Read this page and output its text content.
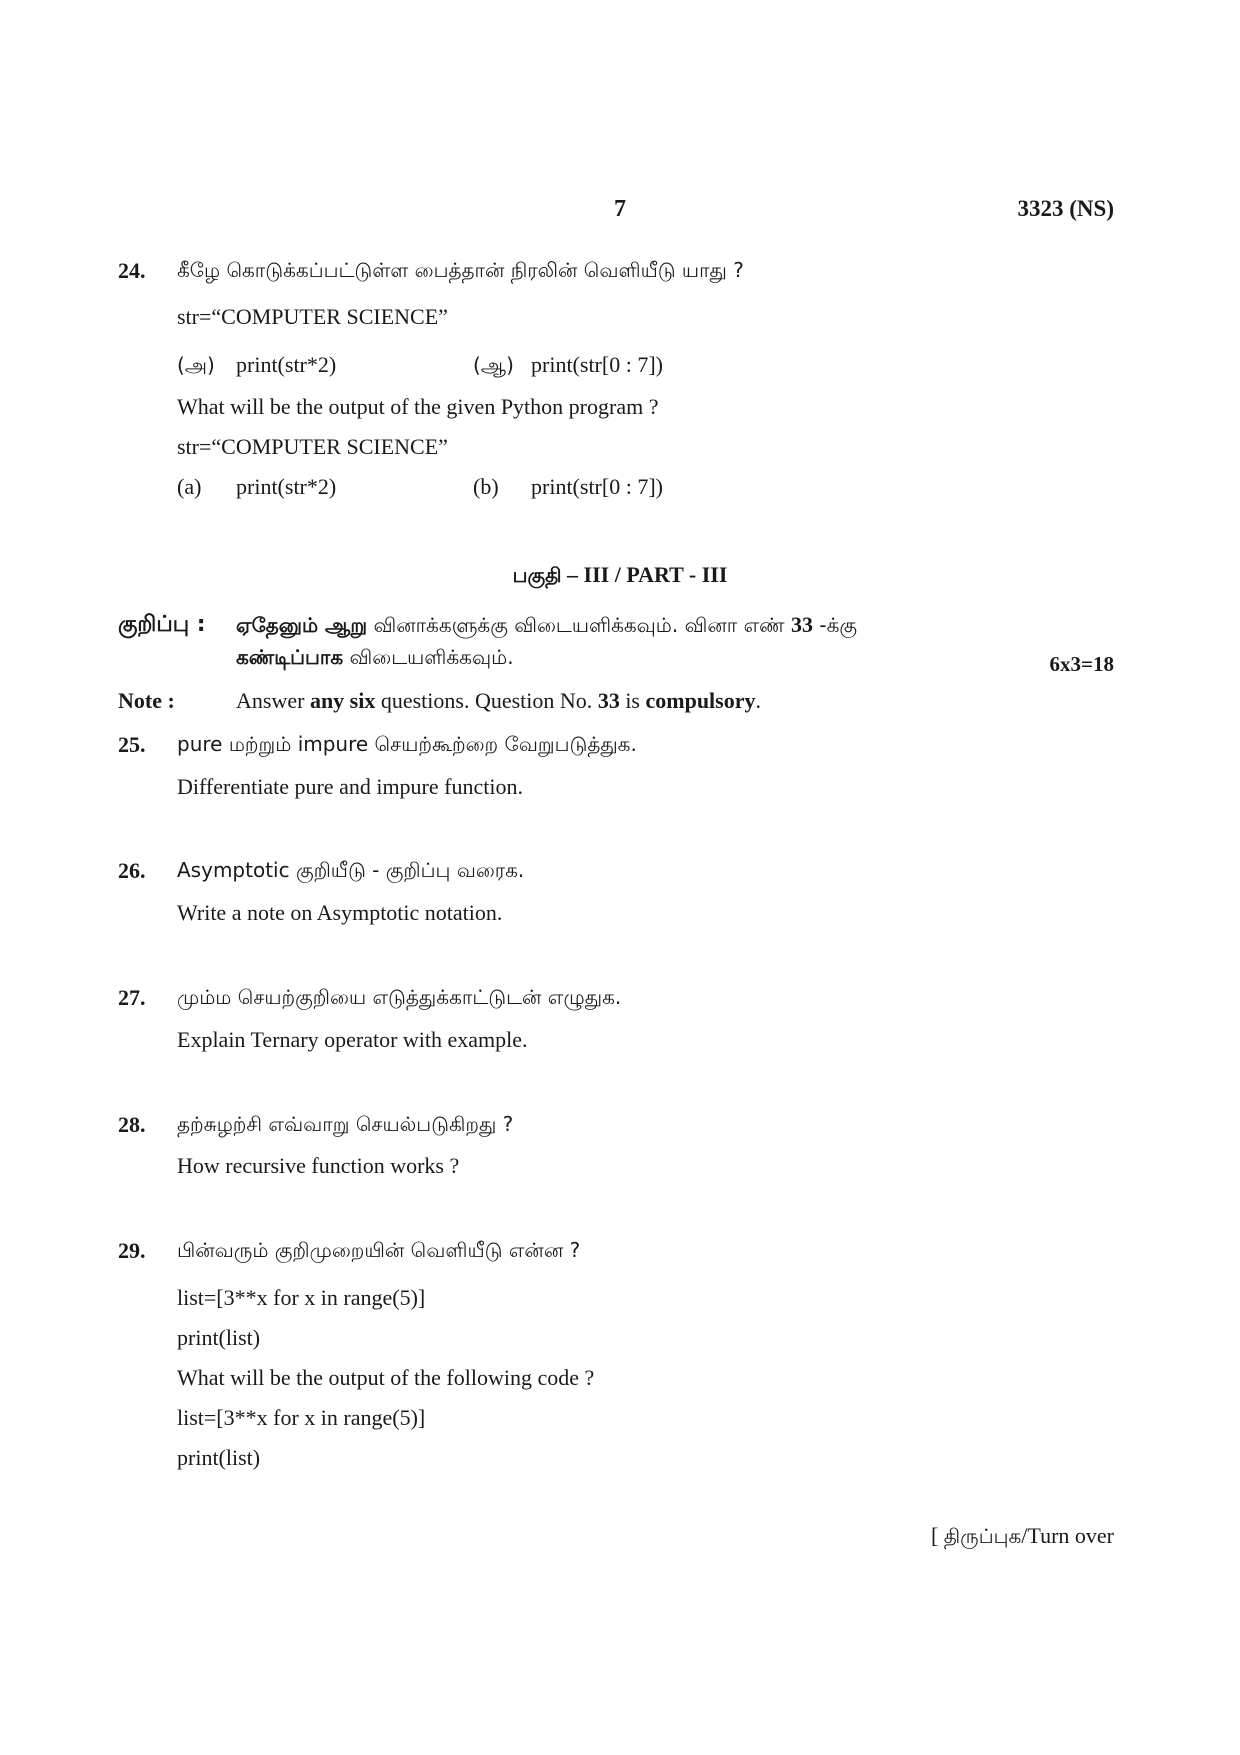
7	3323 (NS)
24. கீழே கொடுக்கப்பட்டுள்ள பைத்தான் நிரலின் வெளியீடு யாது ?
str=“COMPUTER SCIENCE”
(அ) print(str*2)	(ஆ) print(str[0 : 7])
What will be the output of the given Python program ?
str=“COMPUTER SCIENCE”
(a) print(str*2)	(b) print(str[0 : 7])
பகுதி – III / PART - III
குறிப்பு : ஏதேனும் ஆறு வினாக்களுக்கு விடையளிக்கவும். வினா எண் 33 -க்கு
கண்டிப்பாக விடையளிக்கவும்.	6x3=18
Note :	Answer any six questions. Question No. 33 is compulsory.
25. pure மற்றும் impure செயற்கூற்றை வேறுபடுத்துக.
Differentiate pure and impure function.
26. Asymptotic குறியீடு - குறிப்பு வரைக.
Write a note on Asymptotic notation.
27. மும்ம செயற்குறியை எடுத்துக்காட்டுடன் எழுதுக.
Explain Ternary operator with example.
28. தற்சுழற்சி எவ்வாறு செயல்படுகிறது ?
How recursive function works ?
29. பின்வரும் குறிமுறையின் வெளியீடு என்ன ?
list=[3**x for x in range(5)]
print(list)
What will be the output of the following code ?
list=[3**x for x in range(5)]
print(list)
[ திருப்புக/Turn over
